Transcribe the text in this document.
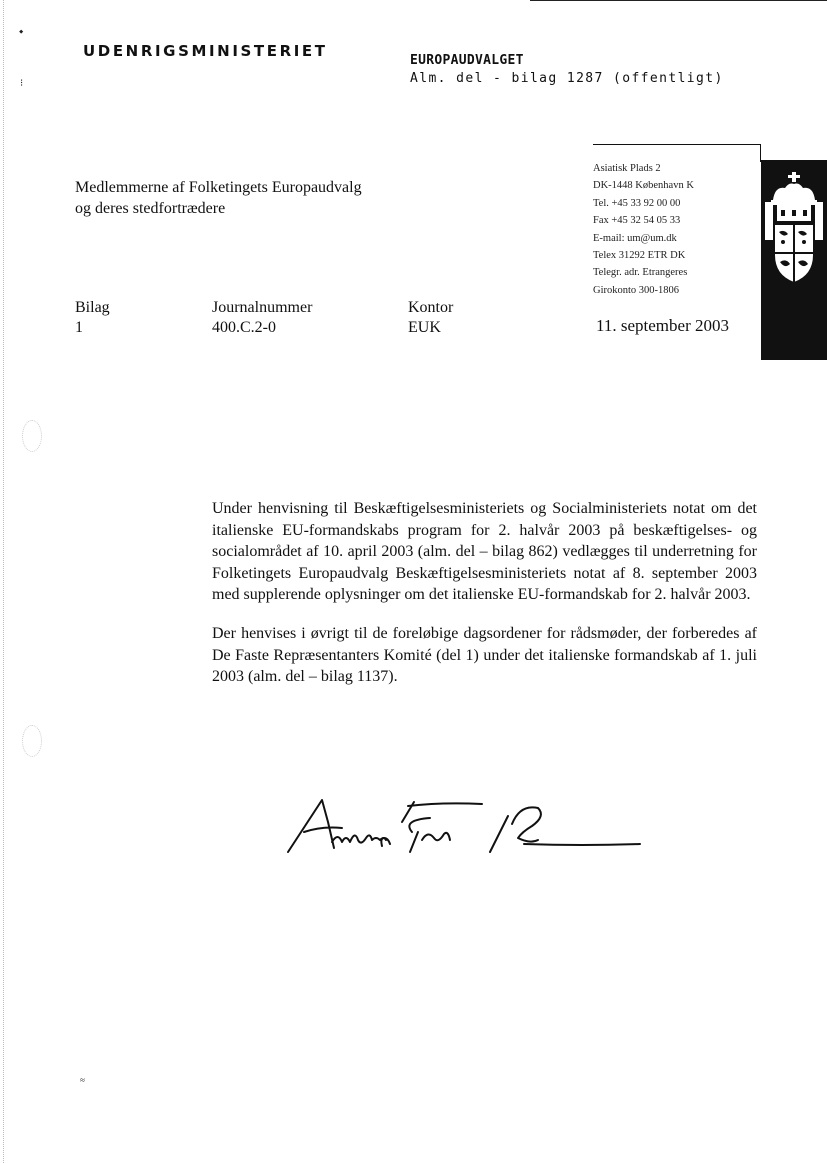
⬩
⁝
UDENRIGSMINISTERIET
EUROPAUDVALGET
Alm. del - bilag 1287 (offentligt)
Asiatisk Plads 2
DK-1448 København K
Tel. +45 33 92 00 00
Fax +45 32 54 05 33
E-mail: um@um.dk
Telex 31292 ETR DK
Telegr. adr. Etrangeres
Girokonto 300-1806
Medlemmerne af Folketingets Europaudvalg
og deres stedfortrædere
Bilag
1
Journalnummer
400.C.2-0
Kontor
EUK	11. september 2003

Under henvisning til Beskæftigelsesministeriets og Socialministeriets notat om det italienske EU-formandskabs program for 2. halvår 2003 på beskæftigelses- og socialområdet af 10. april 2003 (alm. del – bilag 862) vedlægges til underretning for Folketingets Europaudvalg Beskæftigelsesministeriets notat af 8. september 2003 med supplerende oplysninger om det italienske EU-formandskab for 2. halvår 2003.

Der henvises i øvrigt til de foreløbige dagsordener for rådsmøder, der forberedes af De Faste Repræsentanters Komité (del 1) under det italienske formandskab af 1. juli 2003 (alm. del – bilag 1137).

≈
